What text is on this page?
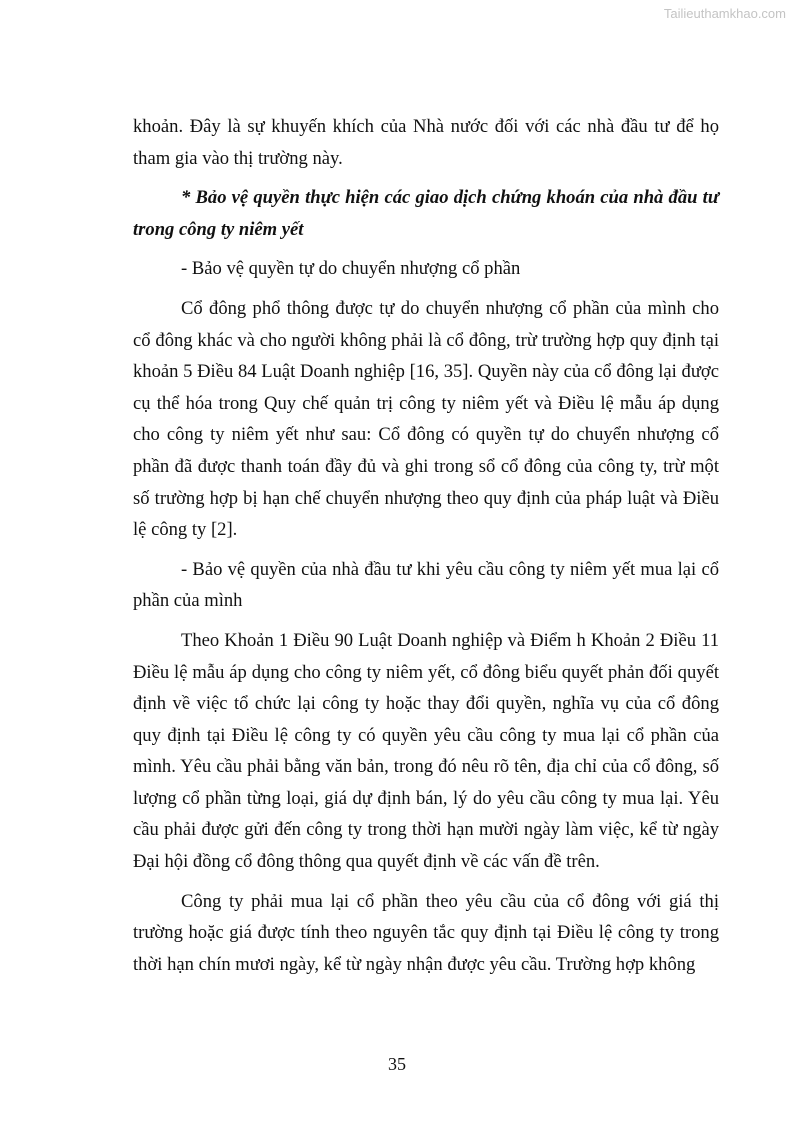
Tailieuthamkhao.com

khoản. Đây là sự khuyến khích của Nhà nước đối với các nhà đầu tư để họ tham gia vào thị trường này.

* Bảo vệ quyền thực hiện các giao dịch chứng khoán của nhà đầu tư trong công ty niêm yết

- Bảo vệ quyền tự do chuyển nhượng cổ phần

Cổ đông phổ thông được tự do chuyển nhượng cổ phần của mình cho cổ đông khác và cho người không phải là cổ đông, trừ trường hợp quy định tại khoản 5 Điều 84 Luật Doanh nghiệp [16, 35]. Quyền này của cổ đông lại được cụ thể hóa trong Quy chế quản trị công ty niêm yết và Điều lệ mẫu áp dụng cho công ty niêm yết như sau: Cổ đông có quyền tự do chuyển nhượng cổ phần đã được thanh toán đầy đủ và ghi trong sổ cổ đông của công ty, trừ một số trường hợp bị hạn chế chuyển nhượng theo quy định của pháp luật và Điều lệ công ty [2].

- Bảo vệ quyền của nhà đầu tư khi yêu cầu công ty niêm yết mua lại cổ phần của mình

Theo Khoản 1 Điều 90 Luật Doanh nghiệp và Điểm h Khoản 2 Điều 11 Điều lệ mẫu áp dụng cho công ty niêm yết, cổ đông biểu quyết phản đối quyết định về việc tổ chức lại công ty hoặc thay đổi quyền, nghĩa vụ của cổ đông quy định tại Điều lệ công ty có quyền yêu cầu công ty mua lại cổ phần của mình. Yêu cầu phải bằng văn bản, trong đó nêu rõ tên, địa chỉ của cổ đông, số lượng cổ phần từng loại, giá dự định bán, lý do yêu cầu công ty mua lại. Yêu cầu phải được gửi đến công ty trong thời hạn mười ngày làm việc, kể từ ngày Đại hội đồng cổ đông thông qua quyết định về các vấn đề trên.

Công ty phải mua lại cổ phần theo yêu cầu của cổ đông với giá thị trường hoặc giá được tính theo nguyên tắc quy định tại Điều lệ công ty trong thời hạn chín mươi ngày, kể từ ngày nhận được yêu cầu. Trường hợp không

35
